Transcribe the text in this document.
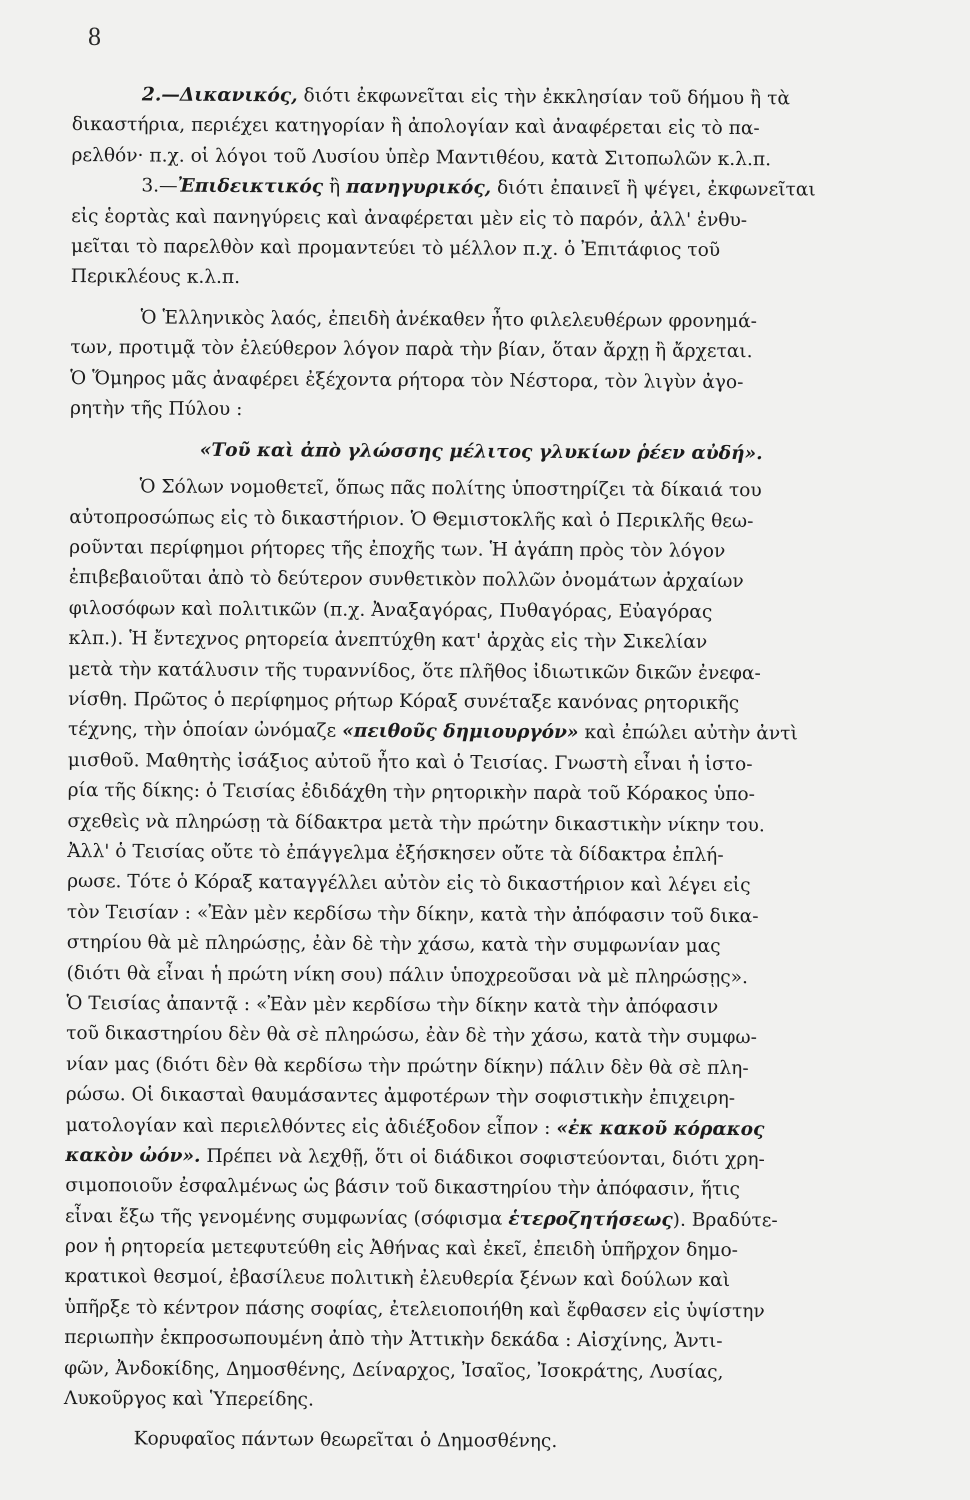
8
2.—Δικανικός, διότι ἐκφωνεῖται εἰς τὴν ἐκκλησίαν τοῦ δήμου ἢ τὰ
δικαστήρια, περιέχει κατηγορίαν ἢ ἀπολογίαν καὶ ἀναφέρεται εἰς τὸ πα-
ρελθόν· π.χ. οἱ λόγοι τοῦ Λυσίου ὑπὲρ Μαντιθέου, κατὰ Σιτοπωλῶν κ.λ.π.
3.—Ἐπιδεικτικός ἢ πανηγυρικός, διότι ἐπαινεῖ ἢ ψέγει, ἐκφωνεῖται
εἰς ἑορτὰς καὶ πανηγύρεις καὶ ἀναφέρεται μὲν εἰς τὸ παρόν, ἀλλ' ἐνθυ-
μεῖται τὸ παρελθὸν καὶ προμαντεύει τὸ μέλλον π.χ. ὁ Ἐπιτάφιος τοῦ
Περικλέους κ.λ.π.
Ὁ Ἑλληνικὸς λαός, ἐπειδὴ ἀνέκαθεν ἦτο φιλελευθέρων φρονημά-
των, προτιμᾷ τὸν ἐλεύθερον λόγον παρὰ τὴν βίαν, ὅταν ἄρχῃ ἢ ἄρχεται.
Ὁ Ὅμηρος μᾶς ἀναφέρει ἐξέχοντα ρήτορα τὸν Νέστορα, τὸν λιγὺν ἀγο-
ρητὴν τῆς Πύλου :
«Τοῦ καὶ ἀπὸ γλώσσης μέλιτος γλυκίων ῥέεν αὐδή».
Ὁ Σόλων νομοθετεῖ, ὅπως πᾶς πολίτης ὑποστηρίζει τὰ δίκαιά του
αὐτοπροσώπως εἰς τὸ δικαστήριον. Ὁ Θεμιστοκλῆς καὶ ὁ Περικλῆς θεω-
ροῦνται περίφημοι ρήτορες τῆς ἐποχῆς των. Ἡ ἀγάπη πρὸς τὸν λόγον
ἐπιβεβαιοῦται ἀπὸ τὸ δεύτερον συνθετικὸν πολλῶν ὀνομάτων ἀρχαίων
φιλοσόφων καὶ πολιτικῶν (π.χ. Ἀναξαγόρας, Πυθαγόρας, Εὐαγόρας
κλπ.). Ἡ ἔντεχνος ρητορεία ἀνεπτύχθη κατ' ἀρχὰς εἰς τὴν Σικελίαν
μετὰ τὴν κατάλυσιν τῆς τυραννίδος, ὅτε πλῆθος ἰδιωτικῶν δικῶν ἐνεφα-
νίσθη. Πρῶτος ὁ περίφημος ρήτωρ Κόραξ συνέταξε κανόνας ρητορικῆς
τέχνης, τὴν ὁποίαν ὠνόμαζε «πειθοῦς δημιουργόν» καὶ ἐπώλει αὐτὴν ἀντὶ
μισθοῦ. Μαθητὴς ἰσάξιος αὐτοῦ ἦτο καὶ ὁ Τεισίας. Γνωστὴ εἶναι ἡ ἱστο-
ρία τῆς δίκης: ὁ Τεισίας ἐδιδάχθη τὴν ρητορικὴν παρὰ τοῦ Κόρακος ὑπο-
σχεθεὶς νὰ πληρώσῃ τὰ δίδακτρα μετὰ τὴν πρώτην δικαστικὴν νίκην του.
Ἀλλ' ὁ Τεισίας οὔτε τὸ ἐπάγγελμα ἐξήσκησεν οὔτε τὰ δίδακτρα ἐπλή-
ρωσε. Τότε ὁ Κόραξ καταγγέλλει αὐτὸν εἰς τὸ δικαστήριον καὶ λέγει εἰς
τὸν Τεισίαν : «Ἐὰν μὲν κερδίσω τὴν δίκην, κατὰ τὴν ἀπόφασιν τοῦ δικα-
στηρίου θὰ μὲ πληρώσῃς, ἐὰν δὲ τὴν χάσω, κατὰ τὴν συμφωνίαν μας
(διότι θὰ εἶναι ἡ πρώτη νίκη σου) πάλιν ὑποχρεοῦσαι νὰ μὲ πληρώσῃς».
Ὁ Τεισίας ἀπαντᾷ : «Ἐὰν μὲν κερδίσω τὴν δίκην κατὰ τὴν ἀπόφασιν
τοῦ δικαστηρίου δὲν θὰ σὲ πληρώσω, ἐὰν δὲ τὴν χάσω, κατὰ τὴν συμφω-
νίαν μας (διότι δὲν θὰ κερδίσω τὴν πρώτην δίκην) πάλιν δὲν θὰ σὲ πλη-
ρώσω. Οἱ δικασταὶ θαυμάσαντες ἀμφοτέρων τὴν σοφιστικὴν ἐπιχειρη-
ματολογίαν καὶ περιελθόντες εἰς ἀδιέξοδον εἶπον : «ἐκ κακοῦ κόρακος
κακὸν ὠόν». Πρέπει νὰ λεχθῇ, ὅτι οἱ διάδικοι σοφιστεύονται, διότι χρη-
σιμοποιοῦν ἐσφαλμένως ὡς βάσιν τοῦ δικαστηρίου τὴν ἀπόφασιν, ἥτις
εἶναι ἔξω τῆς γενομένης συμφωνίας (σόφισμα ἑτεροζητήσεως). Βραδύτε-
ρον ἡ ρητορεία μετεφυτεύθη εἰς Ἀθήνας καὶ ἐκεῖ, ἐπειδὴ ὑπῆρχον δημο-
κρατικοὶ θεσμοί, ἐβασίλευε πολιτικὴ ἐλευθερία ξένων καὶ δούλων καὶ
ὑπῆρξε τὸ κέντρον πάσης σοφίας, ἐτελειοποιήθη καὶ ἔφθασεν εἰς ὑψίστην
περιωπὴν ἐκπροσωπουμένη ἀπὸ τὴν Ἀττικὴν δεκάδα : Αἰσχίνης, Ἀντι-
φῶν, Ἀνδοκίδης, Δημοσθένης, Δείναρχος, Ἰσαῖος, Ἰσοκράτης, Λυσίας,
Λυκοῦργος καὶ Ὑπερείδης.
Κορυφαῖος πάντων θεωρεῖται ὁ Δημοσθένης.
